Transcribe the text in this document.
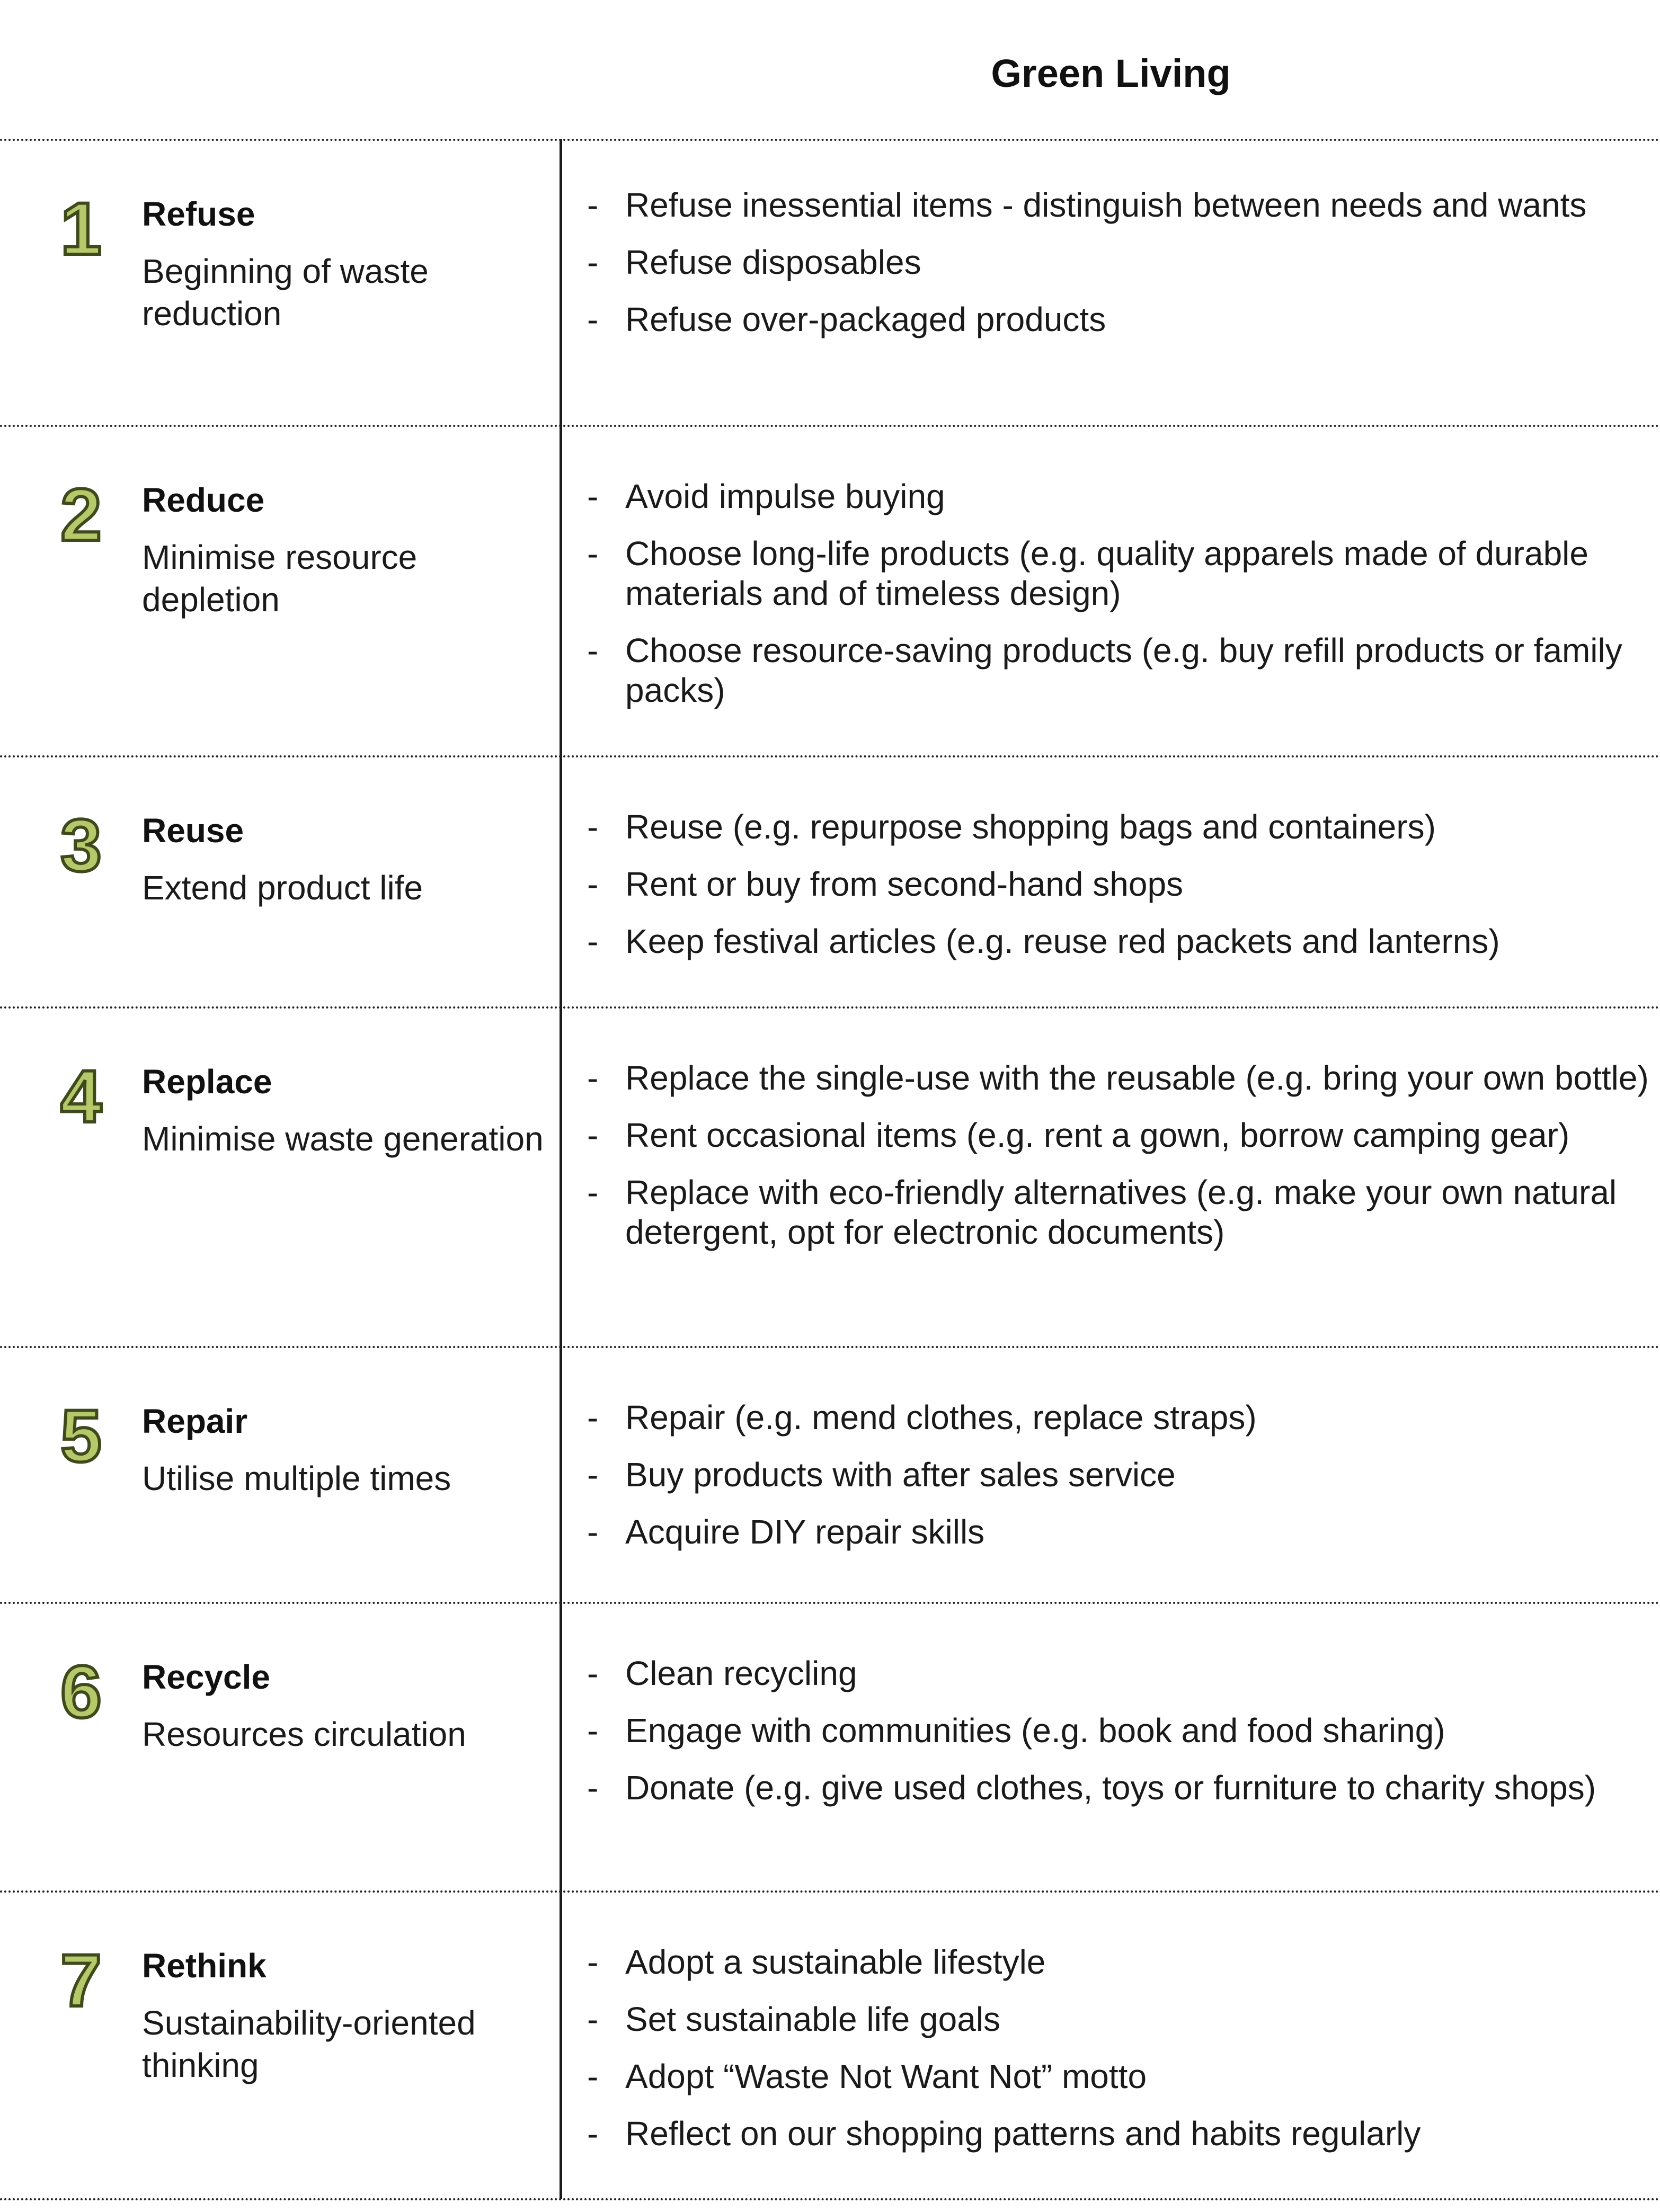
Green Living
1 Refuse
Beginning of waste reduction
- Refuse inessential items - distinguish between needs and wants
- Refuse disposables
- Refuse over-packaged products
2 Reduce
Minimise resource depletion
- Avoid impulse buying
- Choose long-life products (e.g. quality apparels made of durable materials and of timeless design)
- Choose resource-saving products (e.g. buy refill products or family packs)
3 Reuse
Extend product life
- Reuse (e.g. repurpose shopping bags and containers)
- Rent or buy from second-hand shops
- Keep festival articles (e.g. reuse red packets and lanterns)
4 Replace
Minimise waste generation
- Replace the single-use with the reusable (e.g. bring your own bottle)
- Rent occasional items (e.g. rent a gown, borrow camping gear)
- Replace with eco-friendly alternatives (e.g. make your own natural detergent, opt for electronic documents)
5 Repair
Utilise multiple times
- Repair (e.g. mend clothes, replace straps)
- Buy products with after sales service
- Acquire DIY repair skills
6 Recycle
Resources circulation
- Clean recycling
- Engage with communities (e.g. book and food sharing)
- Donate (e.g. give used clothes, toys or furniture to charity shops)
7 Rethink
Sustainability-oriented thinking
- Adopt a sustainable lifestyle
- Set sustainable life goals
- Adopt “Waste Not Want Not” motto
- Reflect on our shopping patterns and habits regularly
